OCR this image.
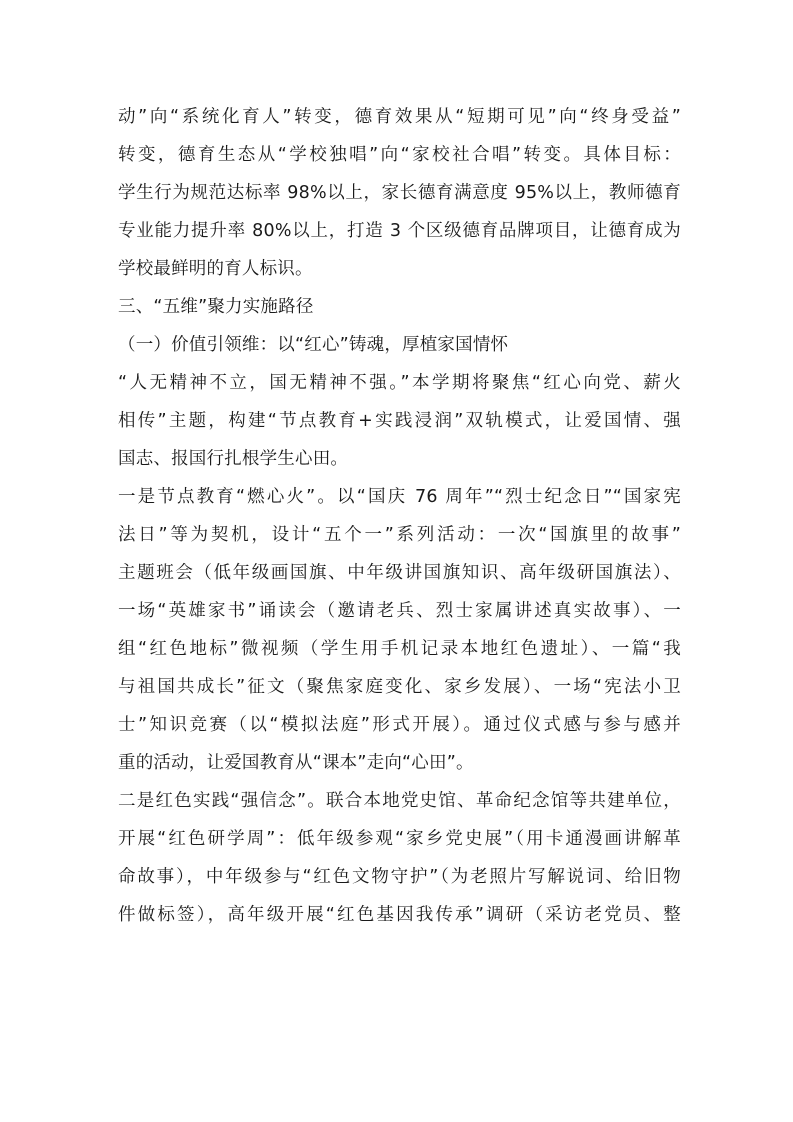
动”向“系统化育人”转变，德育效果从“短期可见”向“终身受益”
转变，德育生态从“学校独唱”向“家校社合唱”转变。具体目标：
学生行为规范达标率 98%以上，家长德育满意度 95%以上，教师德育
专业能力提升率 80%以上，打造 3 个区级德育品牌项目，让德育成为
学校最鲜明的育人标识。
三、“五维”聚力实施路径
（一）价值引领维：以“红心”铸魂，厚植家国情怀
“人无精神不立，国无精神不强。”本学期将聚焦“红心向党、薪火
相传”主题，构建“节点教育+实践浸润”双轨模式，让爱国情、强
国志、报国行扎根学生心田。
一是节点教育“燃心火”。以“国庆 76 周年”“烈士纪念日”“国家宪
法日”等为契机，设计“五个一”系列活动：一次“国旗里的故事”
主题班会（低年级画国旗、中年级讲国旗知识、高年级研国旗法）、
一场“英雄家书”诵读会（邀请老兵、烈士家属讲述真实故事）、一
组“红色地标”微视频（学生用手机记录本地红色遗址）、一篇“我
与祖国共成长”征文（聚焦家庭变化、家乡发展）、一场“宪法小卫
士”知识竞赛（以“模拟法庭”形式开展）。通过仪式感与参与感并
重的活动，让爱国教育从“课本”走向“心田”。
二是红色实践“强信念”。联合本地党史馆、革命纪念馆等共建单位，
开展“红色研学周”：低年级参观“家乡党史展”（用卡通漫画讲解革
命故事），中年级参与“红色文物守护”（为老照片写解说词、给旧物
件做标签），高年级开展“红色基因我传承”调研（采访老党员、整
